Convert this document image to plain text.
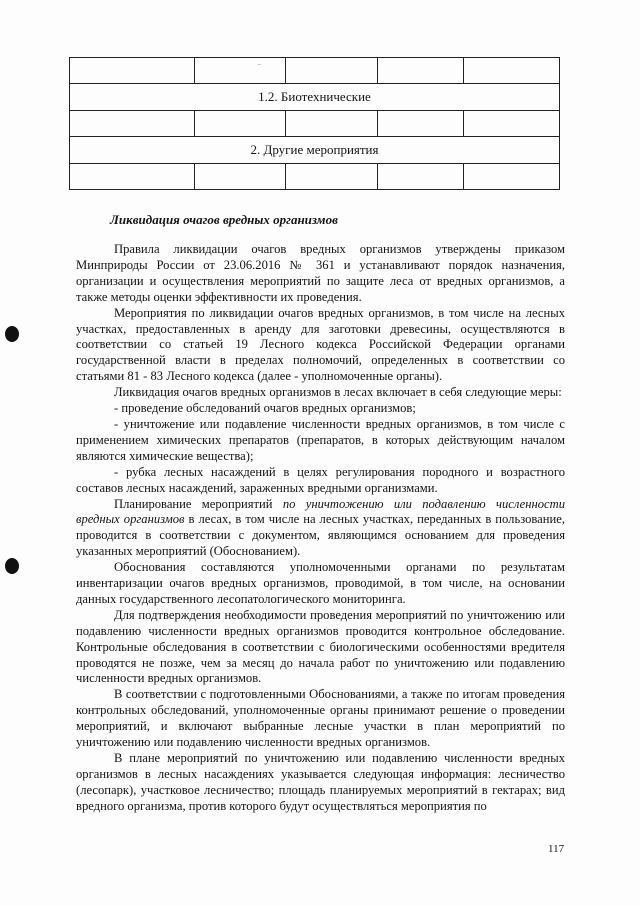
1.2. Биотехнические				

2. Другие мероприятия				

⁻
Ликвидация очагов вредных организмов

Правила ликвидации очагов вредных организмов утверждены приказом Минприроды России от 23.06.2016 № 361 и устанавливают порядок назначения, организации и осуществления мероприятий по защите леса от вредных организмов, а также методы оценки эффективности их проведения.

Мероприятия по ликвидации очагов вредных организмов, в том числе на лесных участках, предоставленных в аренду для заготовки древесины, осуществляются в соответствии со статьей 19 Лесного кодекса Российской Федерации органами государственной власти в пределах полномочий, определенных в соответствии со статьями 81 - 83 Лесного кодекса (далее - уполномоченные органы).

Ликвидация очагов вредных организмов в лесах включает в себя следующие меры:

- проведение обследований очагов вредных организмов;

- уничтожение или подавление численности вредных организмов, в том числе с применением химических препаратов (препаратов, в которых действующим началом являются химические вещества);

- рубка лесных насаждений в целях регулирования породного и возрастного составов лесных насаждений, зараженных вредными организмами.

Планирование мероприятий по уничтожению или подавлению численности вредных организмов в лесах, в том числе на лесных участках, переданных в пользование, проводится в соответствии с документом, являющимся основанием для проведения указанных мероприятий (Обоснованием).

Обоснования составляются уполномоченными органами по результатам инвентаризации очагов вредных организмов, проводимой, в том числе, на основании данных государственного лесопатологического мониторинга.

Для подтверждения необходимости проведения мероприятий по уничтожению или подавлению численности вредных организмов проводится контрольное обследование. Контрольные обследования в соответствии с биологическими особенностями вредителя проводятся не позже, чем за месяц до начала работ по уничтожению или подавлению численности вредных организмов.

В соответствии с подготовленными Обоснованиями, а также по итогам проведения контрольных обследований, уполномоченные органы принимают решение о проведении мероприятий, и включают выбранные лесные участки в план мероприятий по уничтожению или подавлению численности вредных организмов.

В плане мероприятий по уничтожению или подавлению численности вредных организмов в лесных насаждениях указывается следующая информация: лесничество (лесопарк), участковое лесничество; площадь планируемых мероприятий в гектарах; вид вредного организма, против которого будут осуществляться мероприятия по

117
